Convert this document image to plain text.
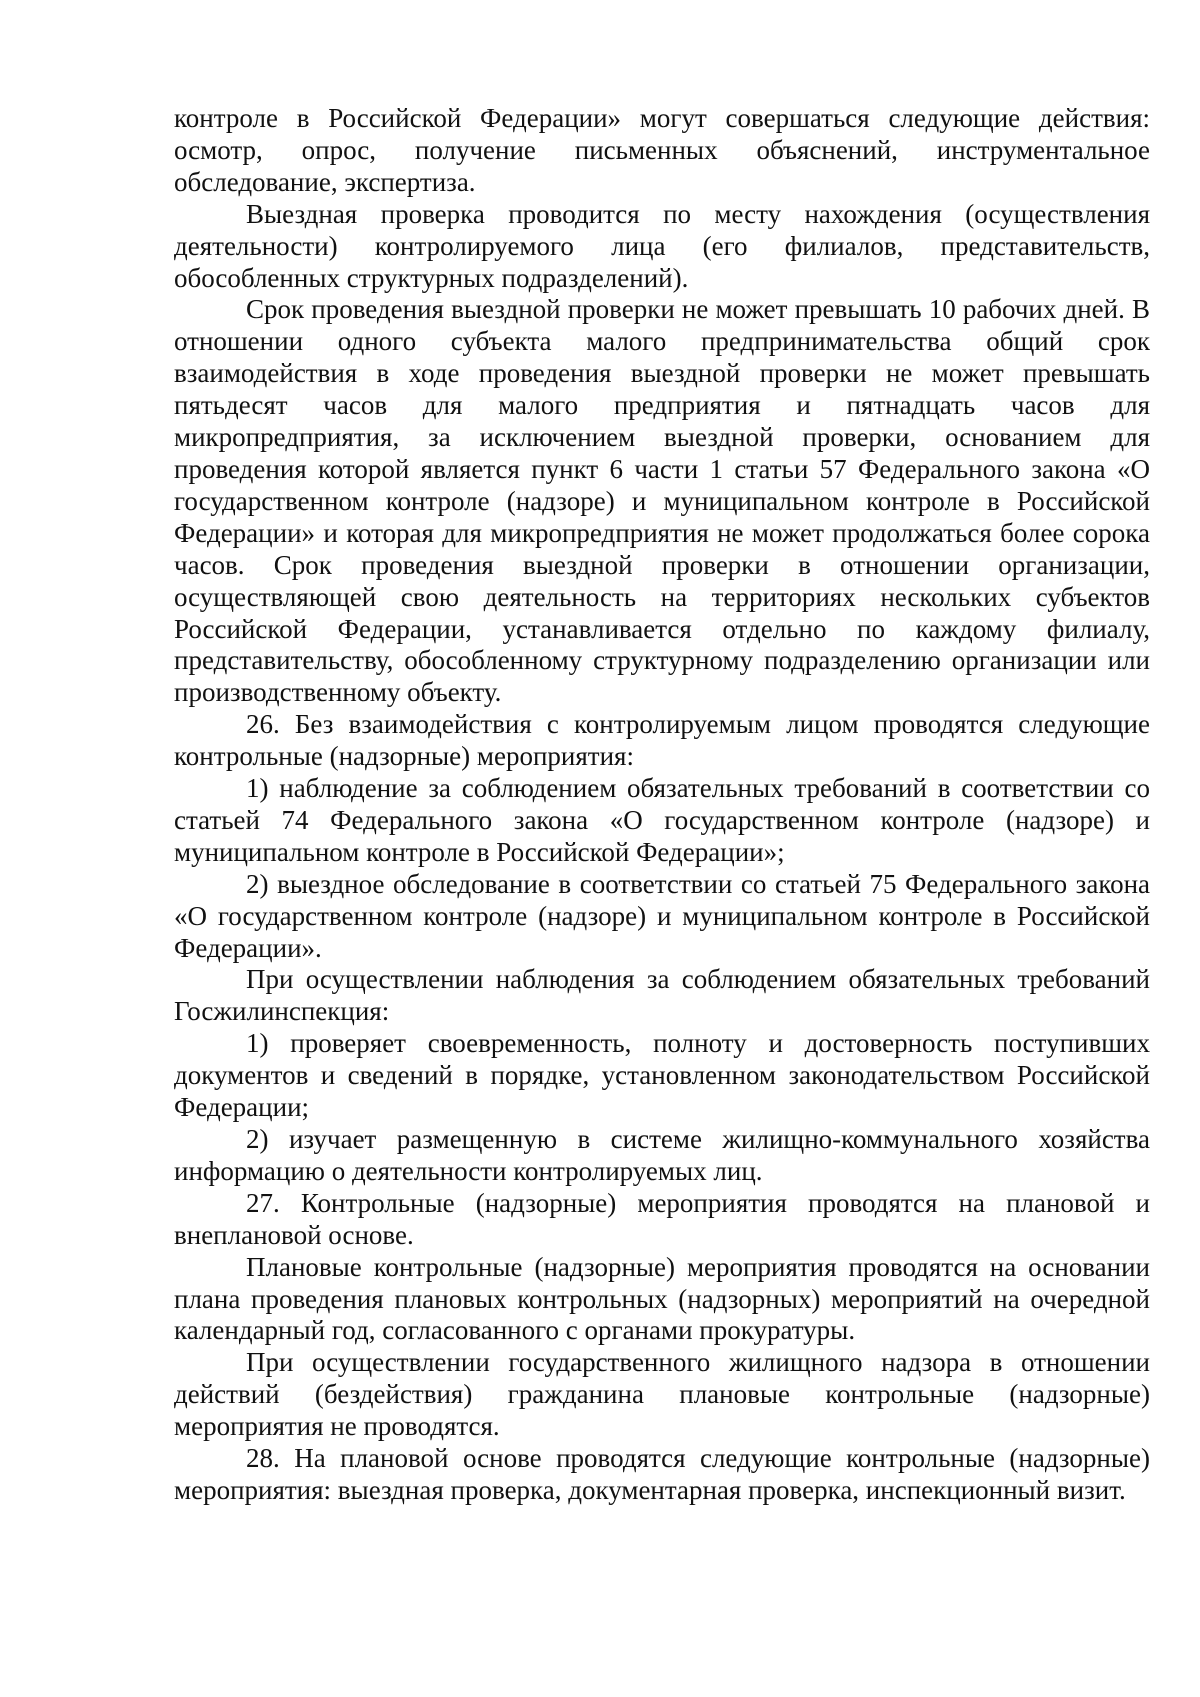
контроле в Российской Федерации» могут совершаться следующие действия: осмотр, опрос, получение письменных объяснений, инструментальное обследование, экспертиза.

Выездная проверка проводится по месту нахождения (осуществления деятельности) контролируемого лица (его филиалов, представительств, обособленных структурных подразделений).

Срок проведения выездной проверки не может превышать 10 рабочих дней. В отношении одного субъекта малого предпринимательства общий срок взаимодействия в ходе проведения выездной проверки не может превышать пятьдесят часов для малого предприятия и пятнадцать часов для микропредприятия, за исключением выездной проверки, основанием для проведения которой является пункт 6 части 1 статьи 57 Федерального закона «О государственном контроле (надзоре) и муниципальном контроле в Российской Федерации» и которая для микропредприятия не может продолжаться более сорока часов. Срок проведения выездной проверки в отношении организации, осуществляющей свою деятельность на территориях нескольких субъектов Российской Федерации, устанавливается отдельно по каждому филиалу, представительству, обособленному структурному подразделению организации или производственному объекту.

26. Без взаимодействия с контролируемым лицом проводятся следующие контрольные (надзорные) мероприятия:

1) наблюдение за соблюдением обязательных требований в соответствии со статьей 74 Федерального закона «О государственном контроле (надзоре) и муниципальном контроле в Российской Федерации»;

2) выездное обследование в соответствии со статьей 75 Федерального закона «О государственном контроле (надзоре) и муниципальном контроле в Российской Федерации».

При осуществлении наблюдения за соблюдением обязательных требований Госжилинспекция:

1) проверяет своевременность, полноту и достоверность поступивших документов и сведений в порядке, установленном законодательством Российской Федерации;

2) изучает размещенную в системе жилищно-коммунального хозяйства информацию о деятельности контролируемых лиц.

27. Контрольные (надзорные) мероприятия проводятся на плановой и внеплановой основе.

Плановые контрольные (надзорные) мероприятия проводятся на основании плана проведения плановых контрольных (надзорных) мероприятий на очередной календарный год, согласованного с органами прокуратуры.

При осуществлении государственного жилищного надзора в отношении действий (бездействия) гражданина плановые контрольные (надзорные) мероприятия не проводятся.

28. На плановой основе проводятся следующие контрольные (надзорные) мероприятия: выездная проверка, документарная проверка, инспекционный визит.
